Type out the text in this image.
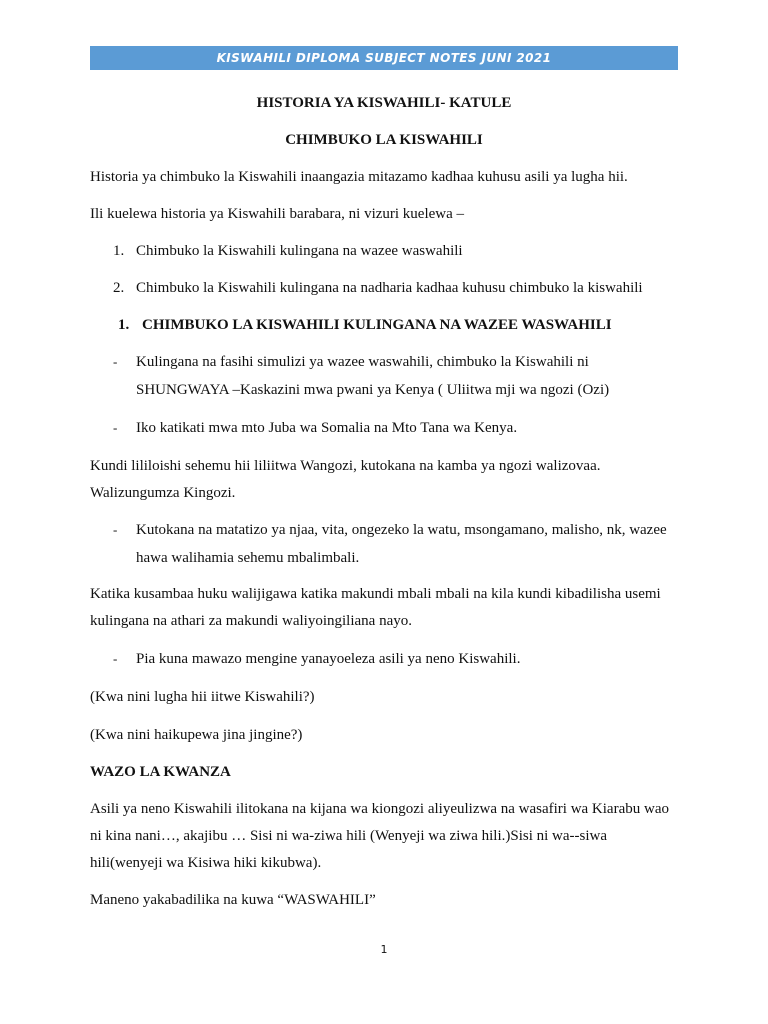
KISWAHILI DIPLOMA SUBJECT NOTES JUNI 2021
HISTORIA YA KISWAHILI- KATULE
CHIMBUKO LA KISWAHILI
Historia ya chimbuko la Kiswahili inaangazia mitazamo kadhaa kuhusu asili ya lugha hii.
Ili kuelewa historia ya Kiswahili barabara, ni vizuri kuelewa –
1. Chimbuko la Kiswahili kulingana na wazee waswahili
2. Chimbuko la Kiswahili kulingana na nadharia kadhaa kuhusu chimbuko la kiswahili
1. CHIMBUKO LA KISWAHILI KULINGANA NA WAZEE WASWAHILI
- Kulingana na fasihi simulizi ya wazee waswahili, chimbuko la Kiswahili ni
SHUNGWAYA –Kaskazini mwa pwani ya Kenya ( Uliitwa mji wa ngozi (Ozi)
- Iko katikati mwa mto Juba wa Somalia na Mto Tana wa Kenya.
Kundi lililoishi sehemu hii liliitwa Wangozi, kutokana na kamba ya ngozi walizovaa.
Walizungumza Kingozi.
- Kutokana na matatizo ya njaa, vita, ongezeko la watu, msongamano, malisho, nk, wazee
hawa walihamia sehemu mbalimbali.
Katika kusambaa huku walijigawa katika makundi mbali mbali na kila kundi kibadilisha usemi
kulingana na athari za makundi waliyoingiliana nayo.
- Pia kuna mawazo mengine yanayoeleza asili ya neno Kiswahili.
(Kwa nini lugha hii iitwe Kiswahili?)
(Kwa nini haikupewa jina jingine?)
WAZO LA KWANZA
Asili ya neno Kiswahili ilitokana na kijana wa kiongozi aliyeulizwa na wasafiri wa Kiarabu wao
ni kina nani…, akajibu … Sisi ni wa-ziwa hili (Wenyeji wa ziwa hili.)Sisi ni wa--siwa
hili(wenyeji wa Kisiwa hiki kikubwa).
Maneno yakabadilika na kuwa “WASWAHILI”
1
